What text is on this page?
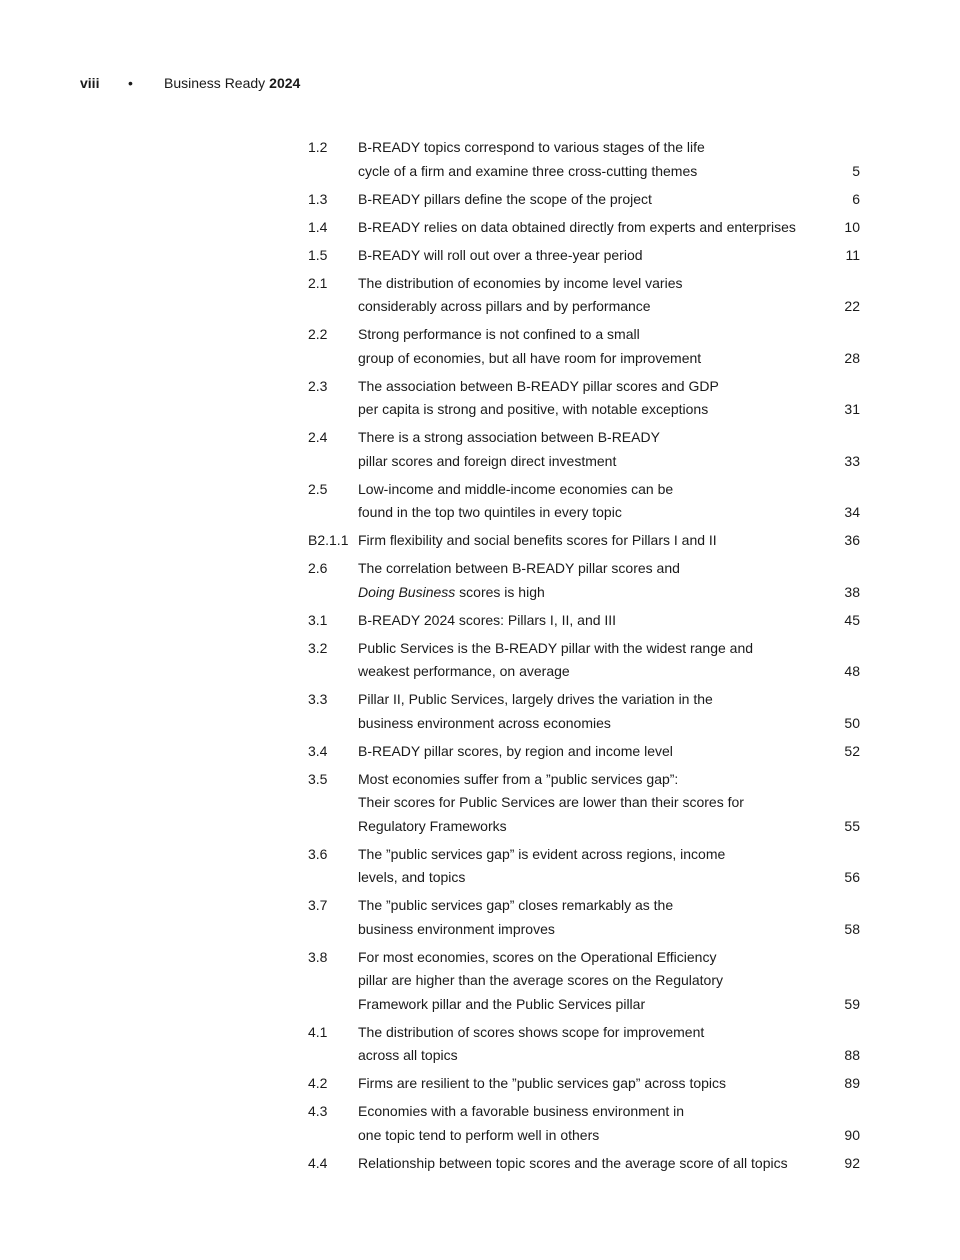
viii	•	Business Ready 2024
1.2	B-READY topics correspond to various stages of the life
cycle of a firm and examine three cross-cutting themes	5
1.3	B-READY pillars define the scope of the project	6
1.4	B-READY relies on data obtained directly from experts and enterprises	10
1.5	B-READY will roll out over a three-year period	11
2.1	The distribution of economies by income level varies
considerably across pillars and by performance	22
2.2	Strong performance is not confined to a small
group of economies, but all have room for improvement	28
2.3	The association between B-READY pillar scores and GDP
per capita is strong and positive, with notable exceptions	31
2.4	There is a strong association between B-READY
pillar scores and foreign direct investment	33
2.5	Low-income and middle-income economies can be
found in the top two quintiles in every topic	34
B2.1.1 Firm flexibility and social benefits scores for Pillars I and II	36
2.6	The correlation between B-READY pillar scores and
Doing Business scores is high	38
3.1	B-READY 2024 scores: Pillars I, II, and III	45
3.2	Public Services is the B-READY pillar with the widest range and
weakest performance, on average	48
3.3	Pillar II, Public Services, largely drives the variation in the
business environment across economies	50
3.4	B-READY pillar scores, by region and income level	52
3.5	Most economies suffer from a ”public services gap”:
Their scores for Public Services are lower than their scores for
Regulatory Frameworks	55
3.6	The ”public services gap” is evident across regions, income
levels, and topics	56
3.7	The ”public services gap” closes remarkably as the
business environment improves	58
3.8	For most economies, scores on the Operational Efficiency
pillar are higher than the average scores on the Regulatory
Framework pillar and the Public Services pillar	59
4.1	The distribution of scores shows scope for improvement
across all topics	88
4.2	Firms are resilient to the ”public services gap” across topics	89
4.3	Economies with a favorable business environment in
one topic tend to perform well in others	90
4.4	Relationship between topic scores and the average score of all topics	92
